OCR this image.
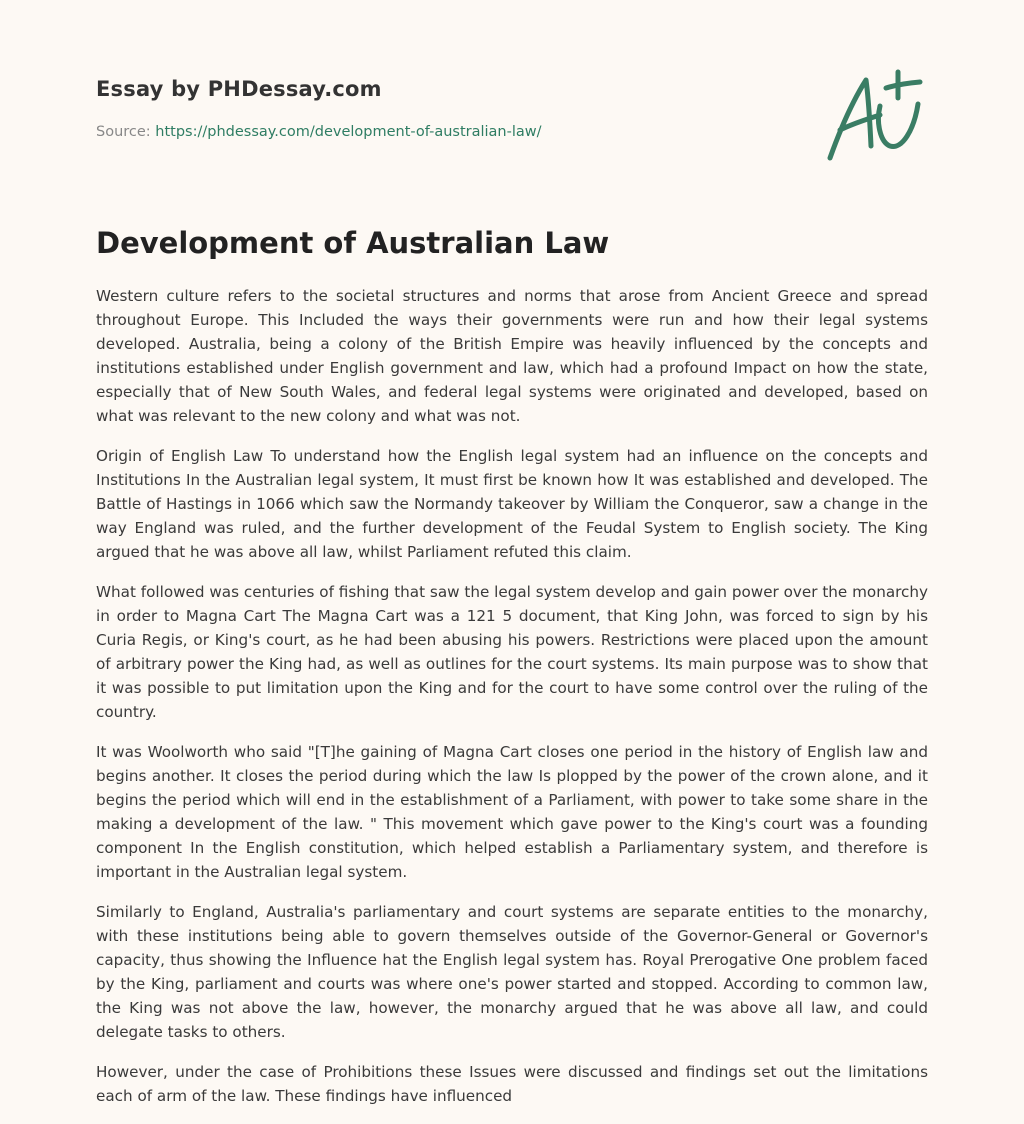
Essay by PHDessay.com
Source: https://phdessay.com/development-of-australian-law/
Development of Australian Law

Western culture refers to the societal structures and norms that arose from Ancient Greece and spread throughout Europe. This Included the ways their governments were run and how their legal systems developed. Australia, being a colony of the British Empire was heavily influenced by the concepts and institutions established under English government and law, which had a profound Impact on how the state, especially that of New South Wales, and federal legal systems were originated and developed, based on what was relevant to the new colony and what was not.

Origin of English Law To understand how the English legal system had an influence on the concepts and Institutions In the Australian legal system, It must first be known how It was established and developed. The Battle of Hastings in 1066 which saw the Normandy takeover by William the Conqueror, saw a change in the way England was ruled, and the further development of the Feudal System to English society. The King argued that he was above all law, whilst Parliament refuted this claim.

What followed was centuries of fishing that saw the legal system develop and gain power over the monarchy in order to Magna Cart The Magna Cart was a 121 5 document, that King John, was forced to sign by his Curia Regis, or King's court, as he had been abusing his powers. Restrictions were placed upon the amount of arbitrary power the King had, as well as outlines for the court systems. Its main purpose was to show that it was possible to put limitation upon the King and for the court to have some control over the ruling of the country.

It was Woolworth who said "[T]he gaining of Magna Cart closes one period in the history of English law and begins another. It closes the period during which the law Is plopped by the power of the crown alone, and it begins the period which will end in the establishment of a Parliament, with power to take some share in the making a development of the law. " This movement which gave power to the King's court was a founding component In the English constitution, which helped establish a Parliamentary system, and therefore is important in the Australian legal system.

Similarly to England, Australia's parliamentary and court systems are separate entities to the monarchy, with these institutions being able to govern themselves outside of the Governor-General or Governor's capacity, thus showing the Influence hat the English legal system has. Royal Prerogative One problem faced by the King, parliament and courts was where one's power started and stopped. According to common law, the King was not above the law, however, the monarchy argued that he was above all law, and could delegate tasks to others.

However, under the case of Prohibitions these Issues were discussed and findings set out the limitations each of arm of the law. These findings have influenced
